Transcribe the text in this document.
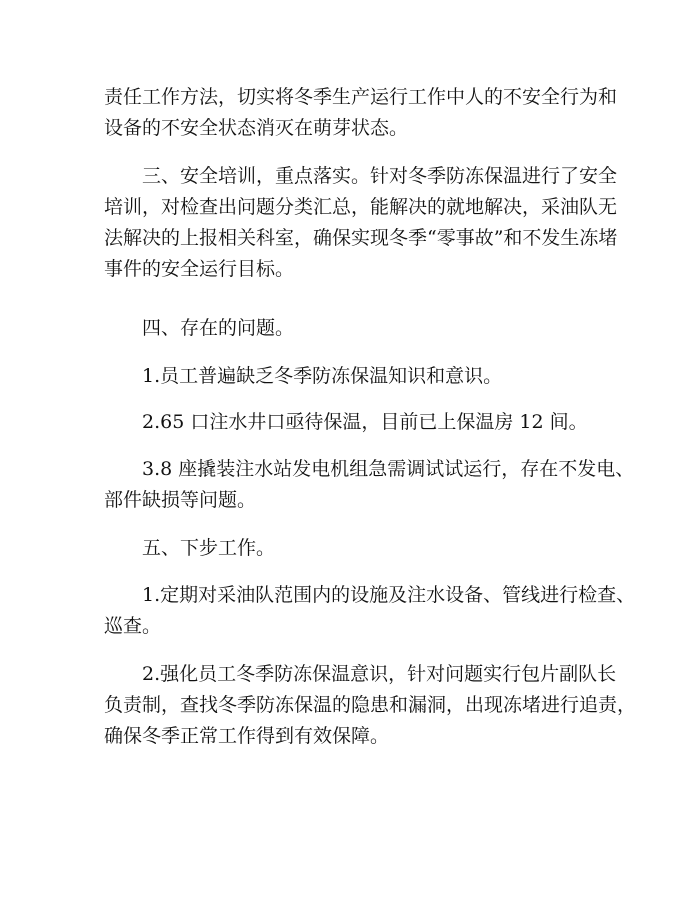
责任工作方法，切实将冬季生产运行工作中人的不安全行为和
设备的不安全状态消灭在萌芽状态。
三、安全培训，重点落实。针对冬季防冻保温进行了安全
培训，对检查出问题分类汇总，能解决的就地解决，采油队无
法解决的上报相关科室，确保实现冬季“零事故”和不发生冻堵
事件的安全运行目标。
四、存在的问题。
1.员工普遍缺乏冬季防冻保温知识和意识。
2.65 口注水井口亟待保温，目前已上保温房 12 间。
3.8 座撬装注水站发电机组急需调试试运行，存在不发电、
部件缺损等问题。
五、下步工作。
1.定期对采油队范围内的设施及注水设备、管线进行检查、
巡查。
2.强化员工冬季防冻保温意识，针对问题实行包片副队长
负责制，查找冬季防冻保温的隐患和漏洞，出现冻堵进行追责，
确保冬季正常工作得到有效保障。
